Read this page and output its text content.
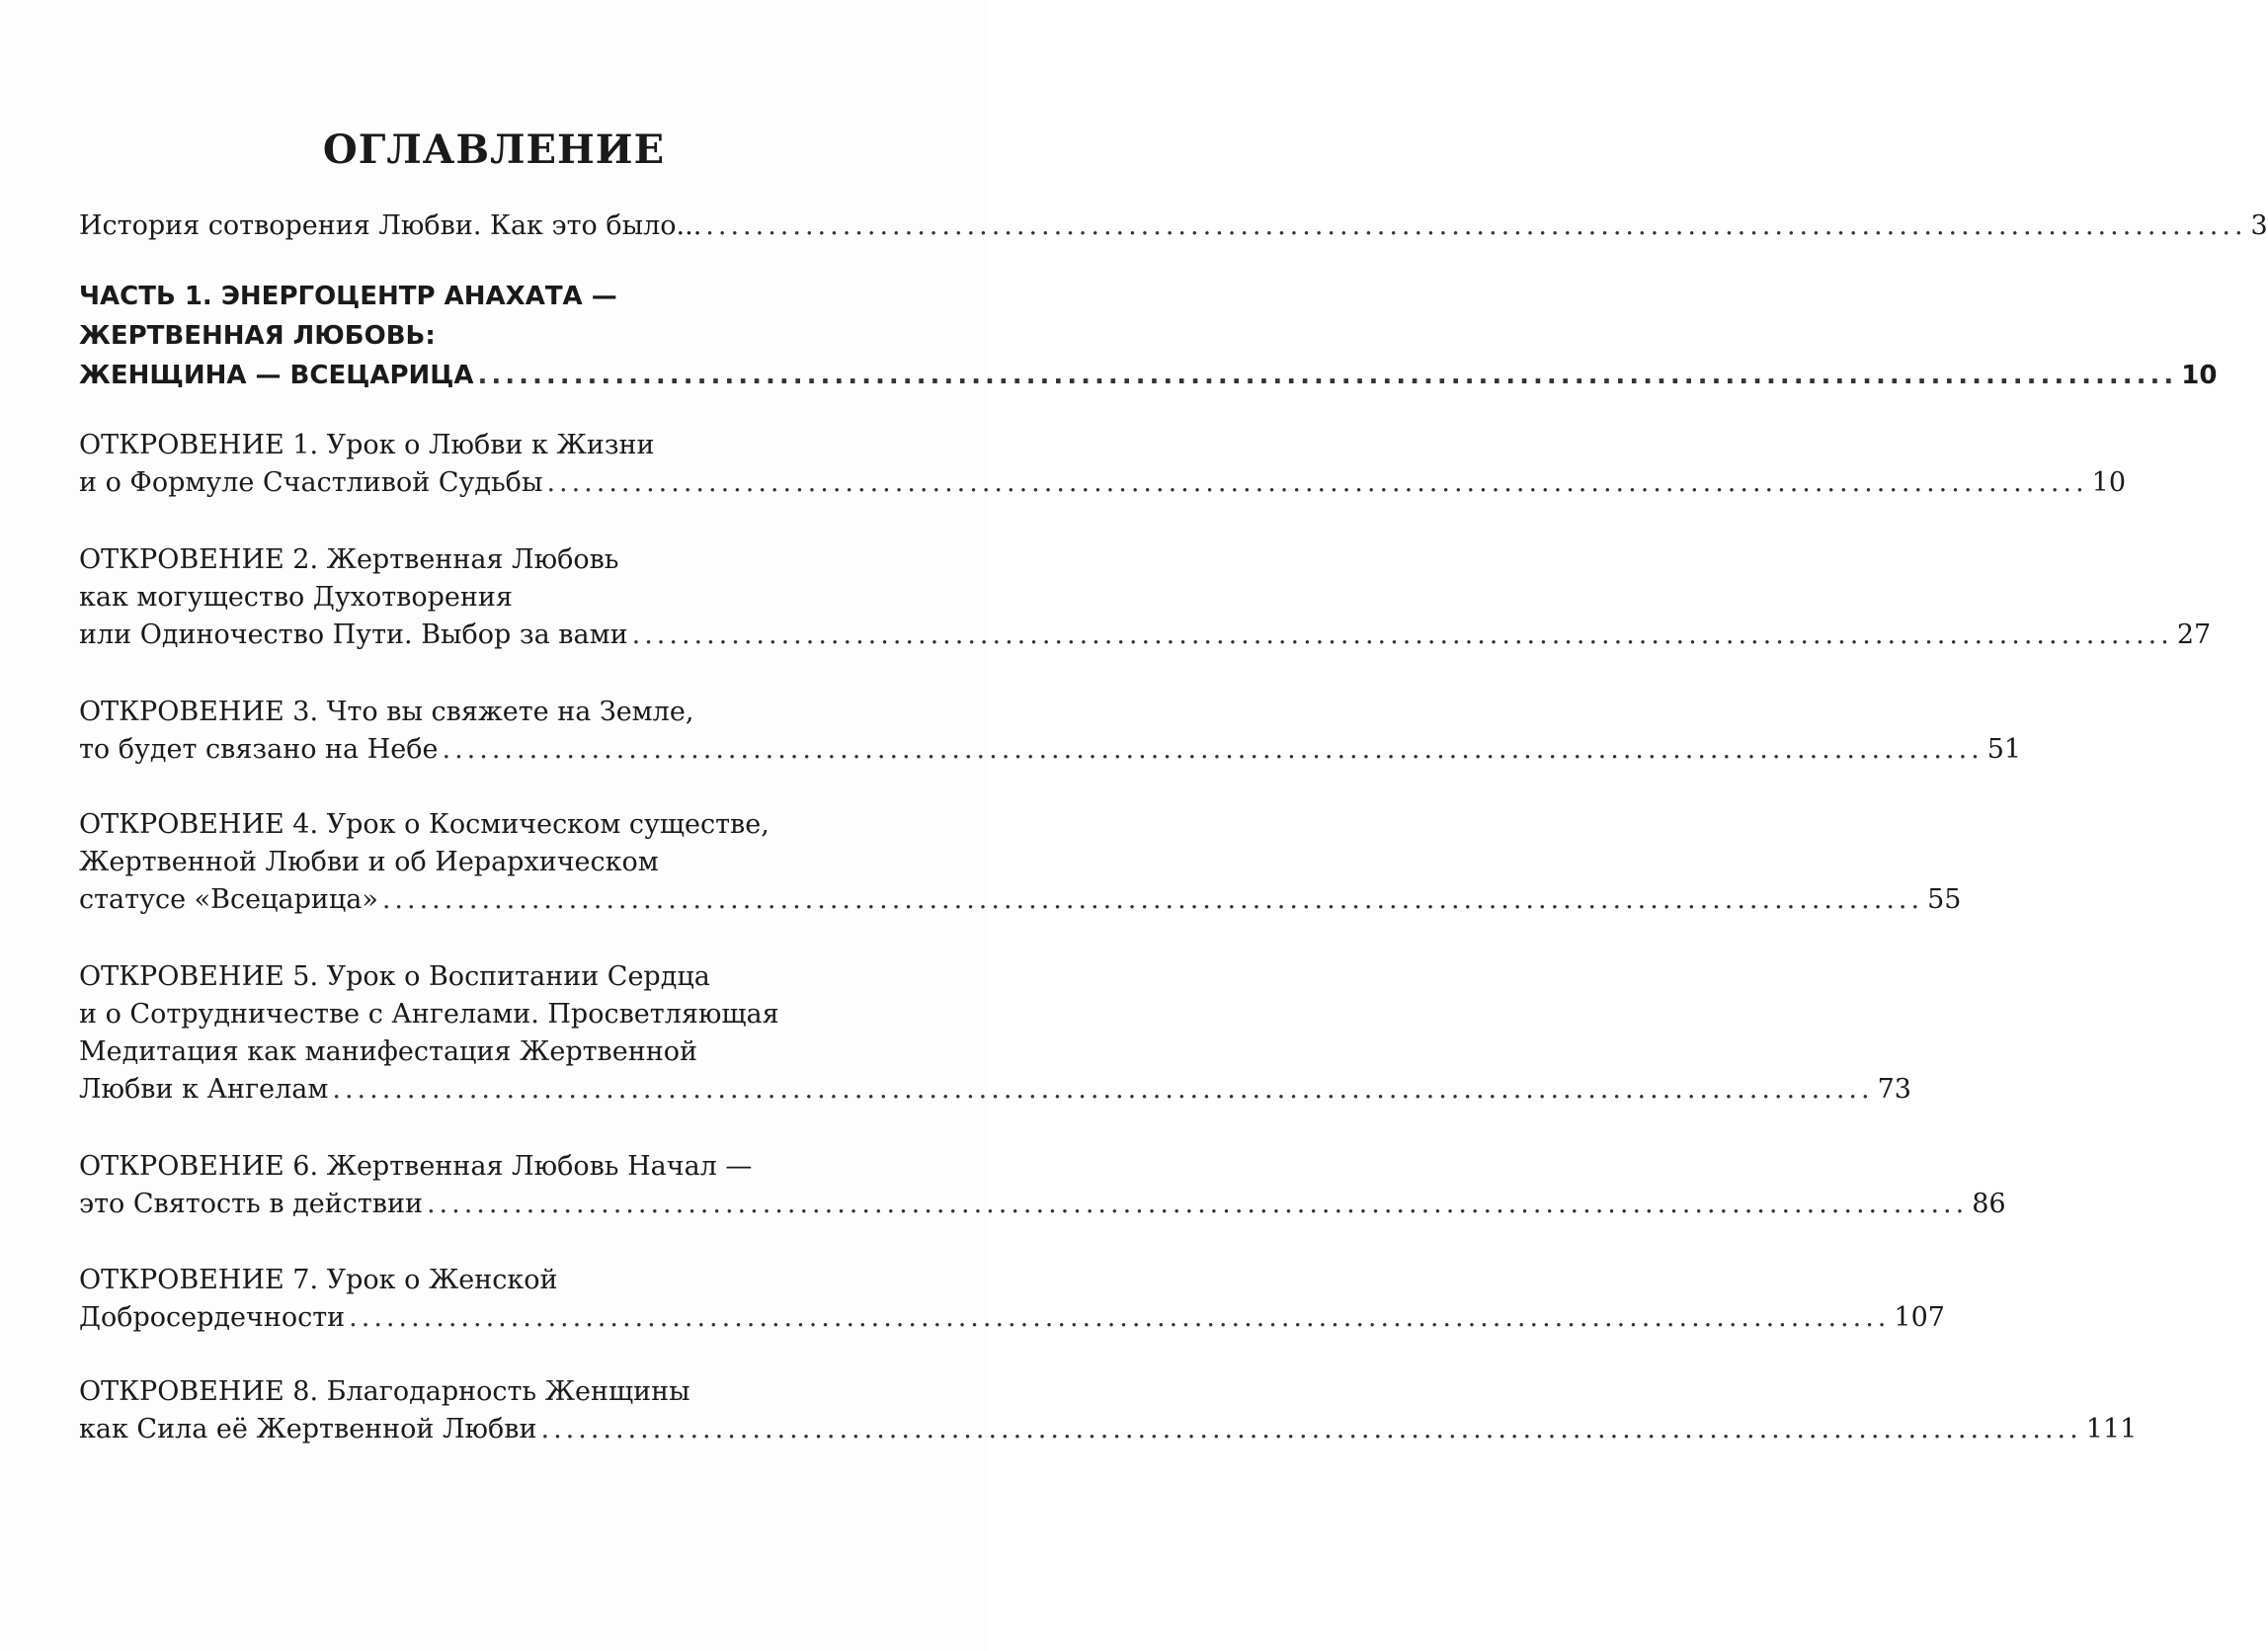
ОГЛАВЛЕНИЕ
История сотворения Любви. Как это было... ............................................................................................................................ 3
ЧАСТЬ 1. ЭНЕРГОЦЕНТР АНАХАТА —
ЖЕРТВЕННАЯ ЛЮБОВЬ:
ЖЕНЩИНА — ВСЕЦАРИЦА ............................................................................................................................ 10
ОТКРОВЕНИЕ 1. Урок о Любви к Жизни
и о Формуле Счастливой Судьбы ............................................................................................................................ 10
ОТКРОВЕНИЕ 2. Жертвенная Любовь
как могущество Духотворения
или Одиночество Пути. Выбор за вами ............................................................................................................................ 27
ОТКРОВЕНИЕ 3. Что вы свяжете на Земле,
то будет связано на Небе ............................................................................................................................ 51
ОТКРОВЕНИЕ 4. Урок о Космическом существе,
Жертвенной Любви и об Иерархическом
статусе «Всецарица» ............................................................................................................................ 55
ОТКРОВЕНИЕ 5. Урок о Воспитании Сердца
и о Сотрудничестве с Ангелами. Просветляющая
Медитация как манифестация Жертвенной
Любви к Ангелам ............................................................................................................................ 73
ОТКРОВЕНИЕ 6. Жертвенная Любовь Начал —
это Святость в действии ............................................................................................................................ 86
ОТКРОВЕНИЕ 7. Урок о Женской
Добросердечности ............................................................................................................................ 107
ОТКРОВЕНИЕ 8. Благодарность Женщины
как Сила её Жертвенной Любви ............................................................................................................................ 111
